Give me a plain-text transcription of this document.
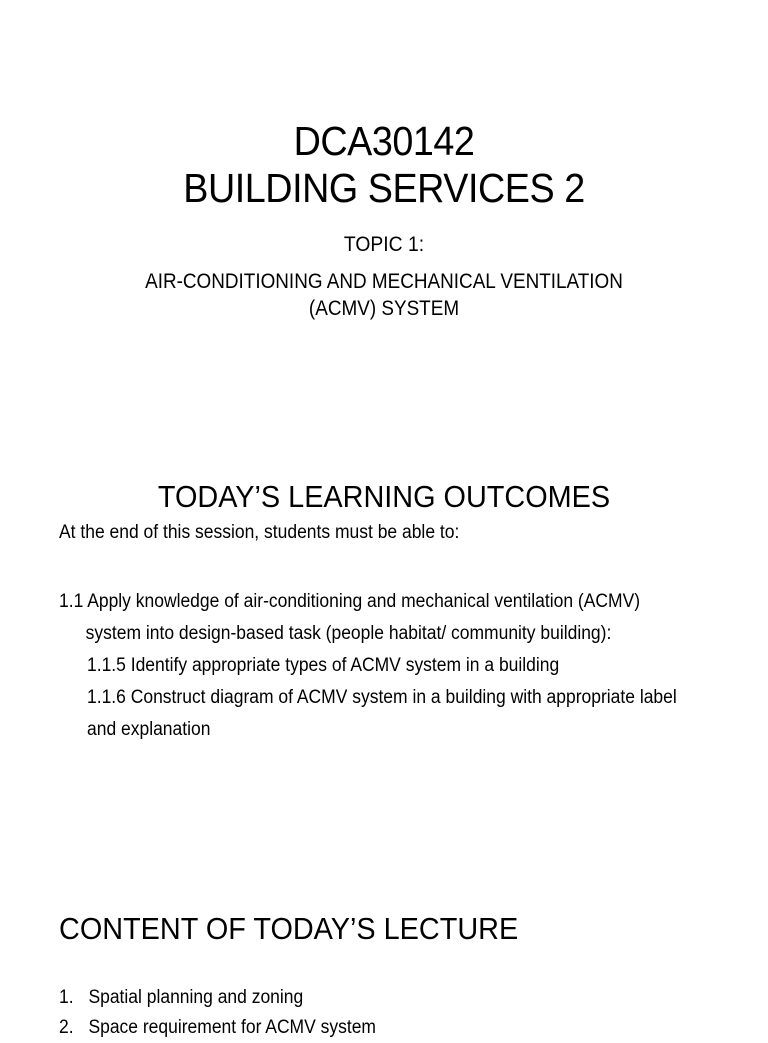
DCA30142
BUILDING SERVICES 2
TOPIC 1:
AIR-CONDITIONING AND MECHANICAL VENTILATION
(ACMV) SYSTEM
TODAY’S LEARNING OUTCOMES
At the end of this session, students must be able to:
1.1 Apply knowledge of air-conditioning and mechanical ventilation (ACMV)
system into design-based task (people habitat/ community building):
1.1.5 Identify appropriate types of ACMV system in a building
1.1.6 Construct diagram of ACMV system in a building with appropriate label
and explanation
CONTENT OF TODAY’S LECTURE
1. Spatial planning and zoning
2. Space requirement for ACMV system
